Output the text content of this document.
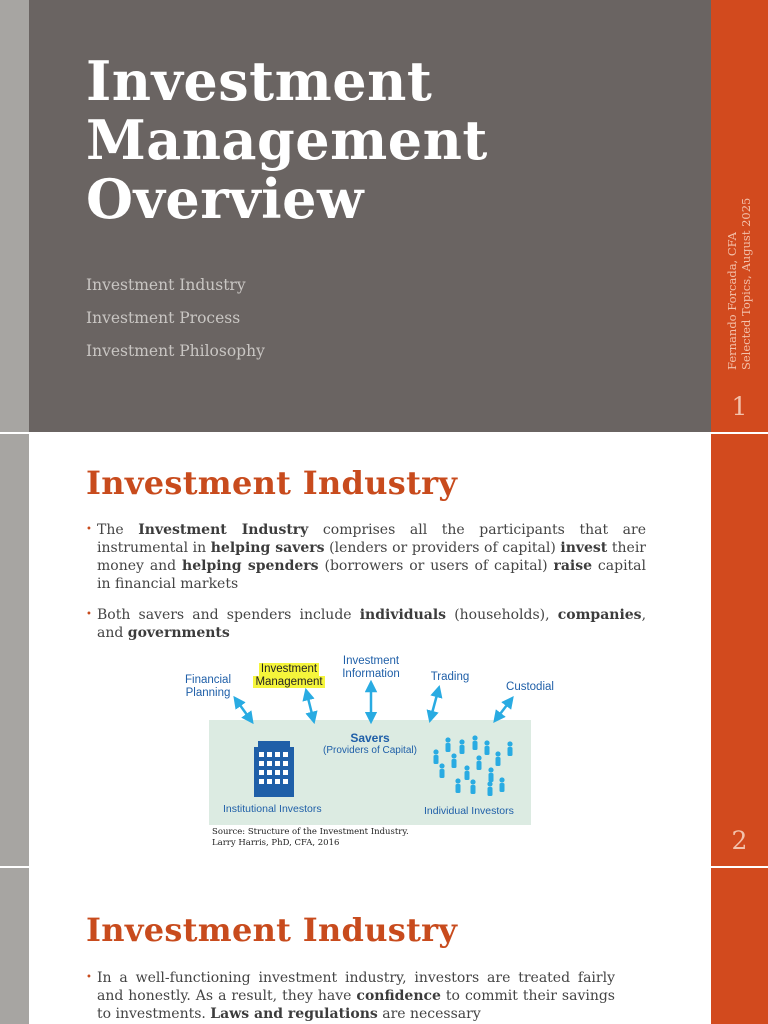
Investment
Management
Overview
Investment Industry
Investment Process
Investment Philosophy	Fernando Forcada, CFA Selected Topics, August 2025
1
Investment Industry
• The Investment Industry comprises all the participants that are instrumental in helping savers (lenders or providers of capital) invest their money and helping spenders (borrowers or users of capital) raise capital in financial markets
• Both savers and spenders include individuals (households), companies, and governments
Financial
Planning
Investment
Management
Investment
Information	Trading
Custodial
Savers
(Providers of Capital)
Institutional Investors	Individual Investors
Source: Structure of the Investment Industry.
Larry Harris, PhD, CFA, 2016	2
Investment Industry
• In a well-functioning investment industry, investors are treated fairly and honestly. As a result, they have confidence to commit their savings to investments. Laws and regulations are necessary
